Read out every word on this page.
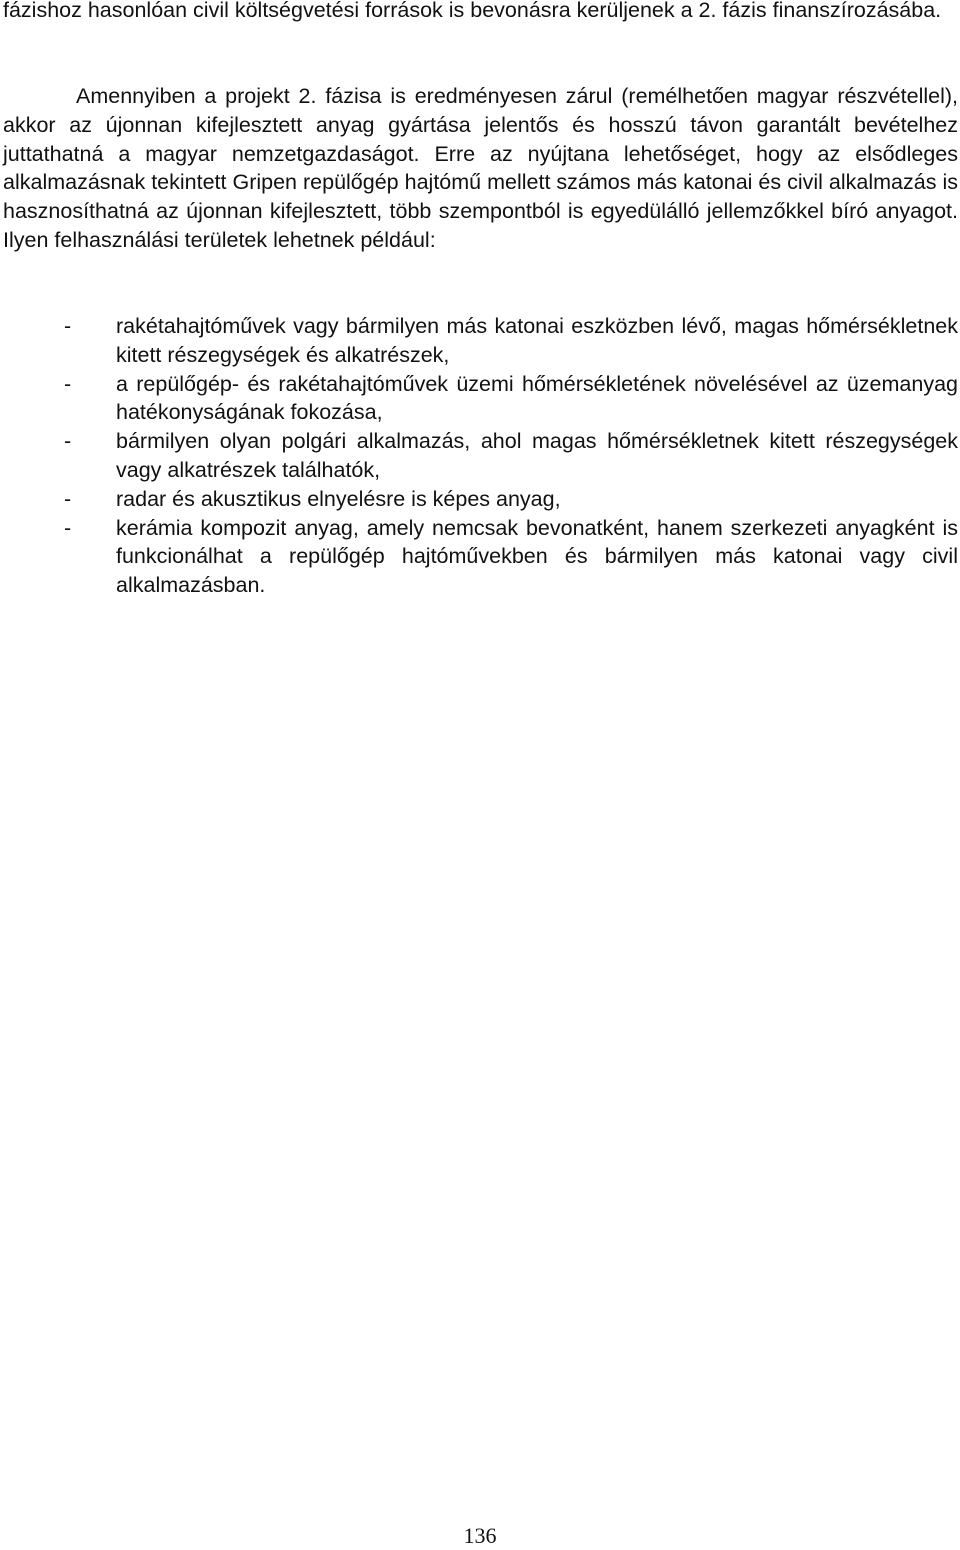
fázishoz hasonlóan civil költségvetési források is bevonásra kerüljenek a 2. fázis finanszírozásába.

Amennyiben a projekt 2. fázisa is eredményesen zárul (remélhetően magyar részvétellel), akkor az újonnan kifejlesztett anyag gyártása jelentős és hosszú távon garantált bevételhez juttathatná a magyar nemzetgazdaságot. Erre az nyújtana lehetőséget, hogy az elsődleges alkalmazásnak tekintett Gripen repülőgép hajtómű mellett számos más katonai és civil alkalmazás is hasznosíthatná az újonnan kifejlesztett, több szempontból is egyedülálló jellemzőkkel bíró anyagot. Ilyen felhasználási területek lehetnek például:

- rakétahajtóművek vagy bármilyen más katonai eszközben lévő, magas hőmérsékletnek kitett részegységek és alkatrészek,
- a repülőgép- és rakétahajtóművek üzemi hőmérsékletének növelésével az üzemanyag hatékonyságának fokozása,
- bármilyen olyan polgári alkalmazás, ahol magas hőmérsékletnek kitett részegységek vagy alkatrészek találhatók,
- radar és akusztikus elnyelésre is képes anyag,
- kerámia kompozit anyag, amely nemcsak bevonatként, hanem szerkezeti anyagként is funkcionálhat a repülőgép hajtóművekben és bármilyen más katonai vagy civil alkalmazásban.
136
